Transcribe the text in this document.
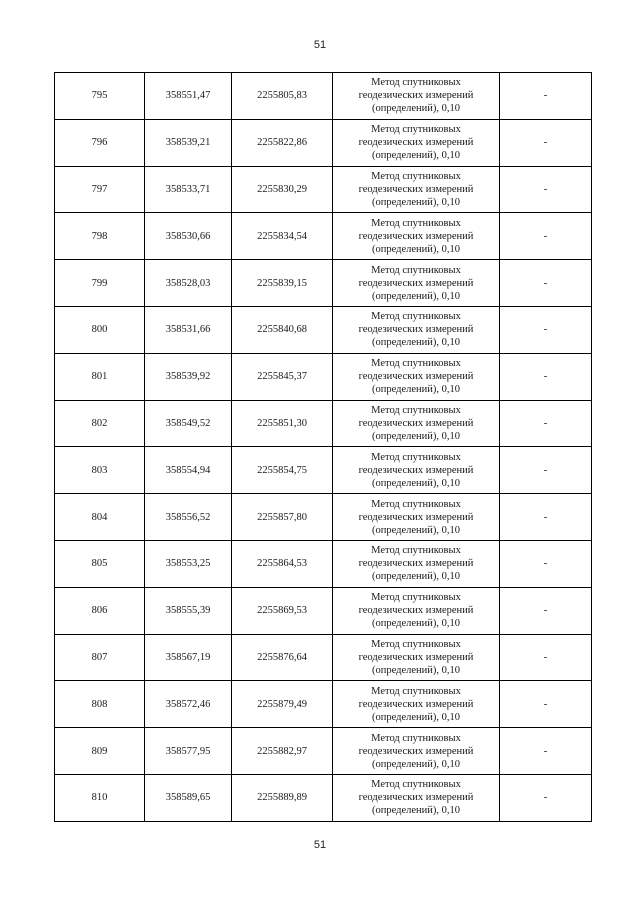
51
795	358551,47	2255805,83	Метод спутниковых
геодезических измерений
(определений), 0,10	-
796	358539,21	2255822,86	Метод спутниковых
геодезических измерений
(определений), 0,10	-
797	358533,71	2255830,29	Метод спутниковых
геодезических измерений
(определений), 0,10	-
798	358530,66	2255834,54	Метод спутниковых
геодезических измерений
(определений), 0,10	-
799	358528,03	2255839,15	Метод спутниковых
геодезических измерений
(определений), 0,10	-
800	358531,66	2255840,68	Метод спутниковых
геодезических измерений
(определений), 0,10	-
801	358539,92	2255845,37	Метод спутниковых
геодезических измерений
(определений), 0,10	-
802	358549,52	2255851,30	Метод спутниковых
геодезических измерений
(определений), 0,10	-
803	358554,94	2255854,75	Метод спутниковых
геодезических измерений
(определений), 0,10	-
804	358556,52	2255857,80	Метод спутниковых
геодезических измерений
(определений), 0,10	-
805	358553,25	2255864,53	Метод спутниковых
геодезических измерений
(определений), 0,10	-
806	358555,39	2255869,53	Метод спутниковых
геодезических измерений
(определений), 0,10	-
807	358567,19	2255876,64	Метод спутниковых
геодезических измерений
(определений), 0,10	-
808	358572,46	2255879,49	Метод спутниковых
геодезических измерений
(определений), 0,10	-
809	358577,95	2255882,97	Метод спутниковых
геодезических измерений
(определений), 0,10	-
810	358589,65	2255889,89	Метод спутниковых
геодезических измерений
(определений), 0,10	-
51
